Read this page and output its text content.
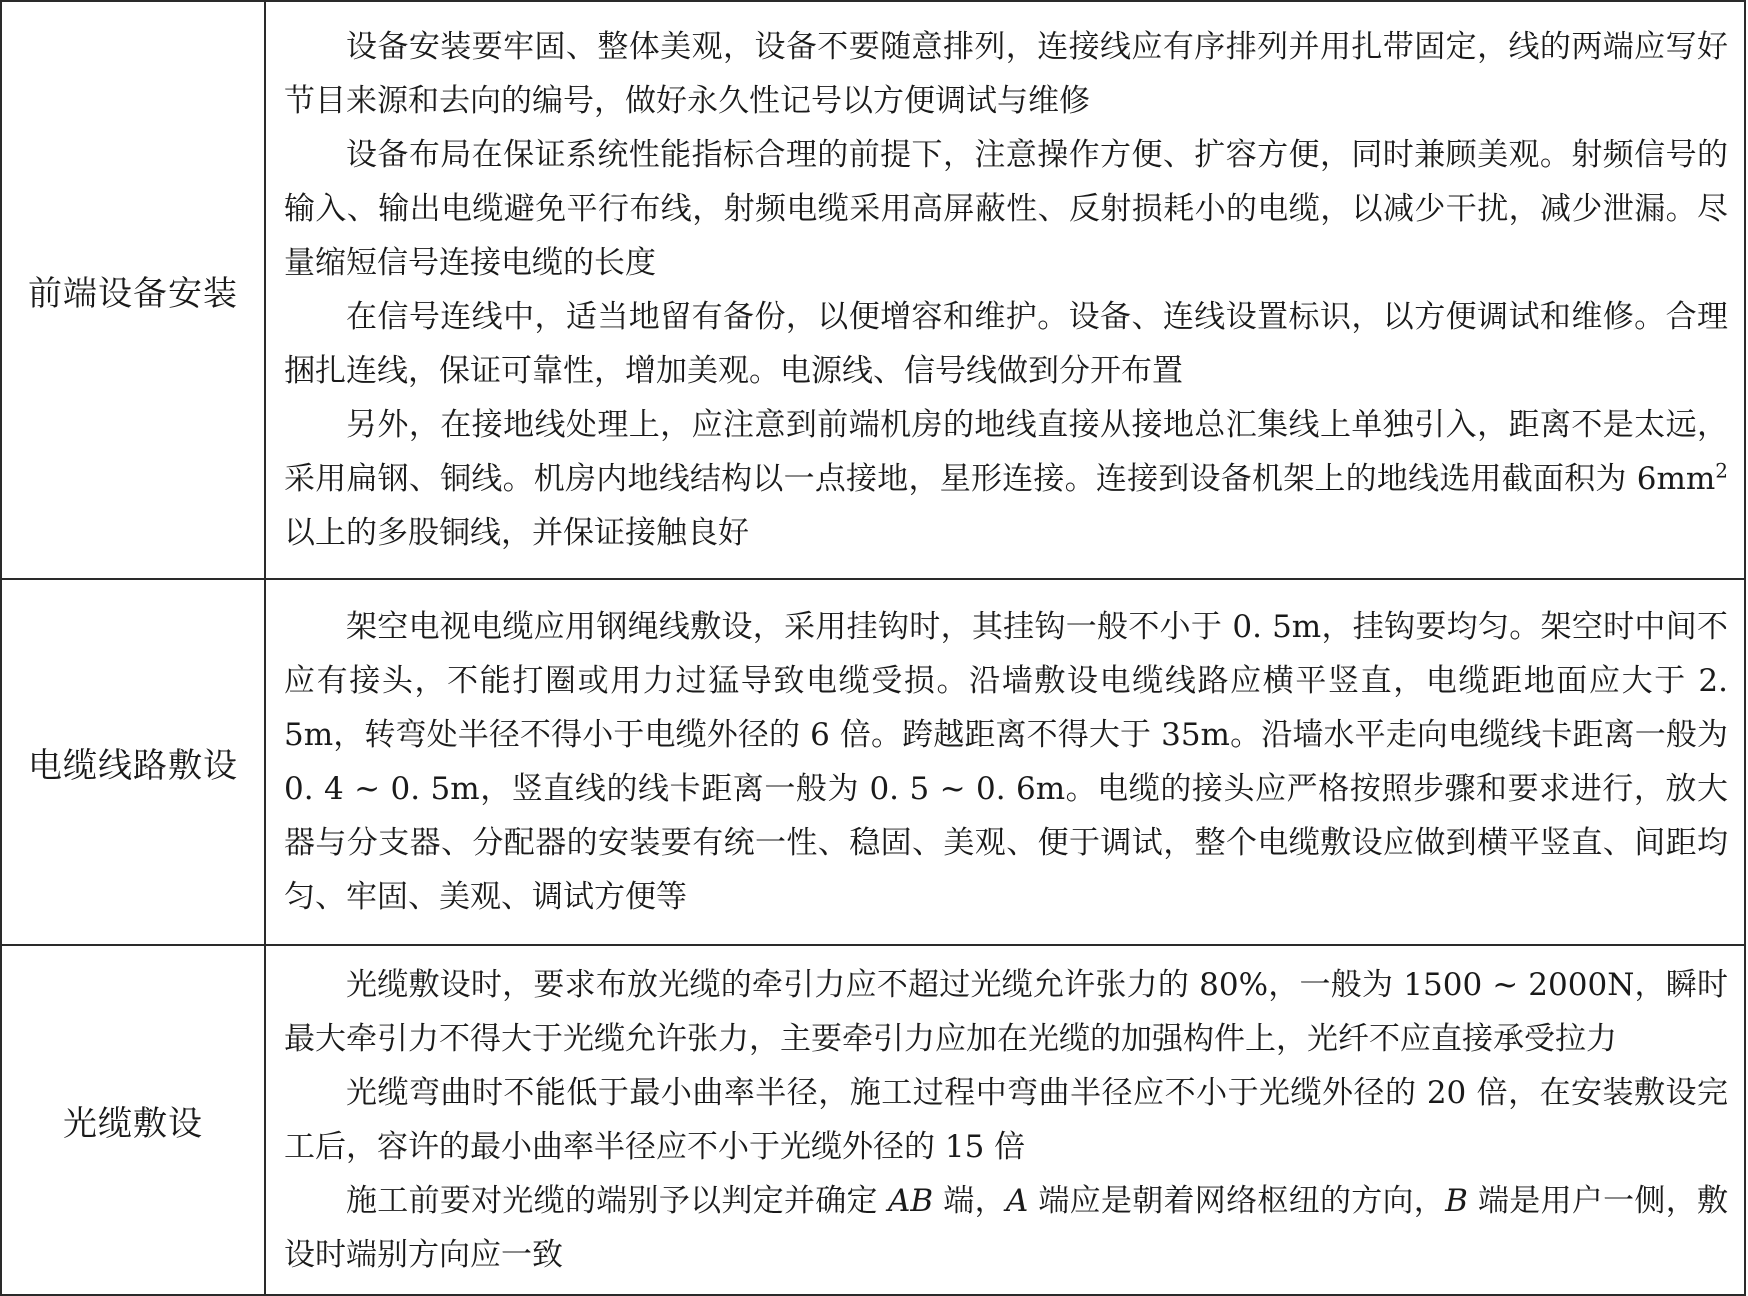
前端设备安装	设备安装要牢固、整体美观，设备不要随意排列，连接线应有序排列并用扎带固定，线的两端应写好节目来源和去向的编号，做好永久性记号以方便调试与维修

设备布局在保证系统性能指标合理的前提下，注意操作方便、扩容方便，同时兼顾美观。射频信号的输入、输出电缆避免平行布线，射频电缆采用高屏蔽性、反射损耗小的电缆，以减少干扰，减少泄漏。尽量缩短信号连接电缆的长度

在信号连线中，适当地留有备份，以便增容和维护。设备、连线设置标识，以方便调试和维修。合理捆扎连线，保证可靠性，增加美观。电源线、信号线做到分开布置

另外，在接地线处理上，应注意到前端机房的地线直接从接地总汇集线上单独引入，距离不是太远，采用扁钢、铜线。机房内地线结构以一点接地，星形连接。连接到设备机架上的地线选用截面积为 $6mm^2$ 以上的多股铜线，并保证接触良好

电缆线路敷设	架空电视电缆应用钢绳线敷设，采用挂钩时，其挂钩一般不小于 0. 5m，挂钩要均匀。架空时中间不应有接头，不能打圈或用力过猛导致电缆受损。沿墙敷设电缆线路应横平竖直，电缆距地面应大于 2. 5m，转弯处半径不得小于电缆外径的 6 倍。跨越距离不得大于 35m。沿墙水平走向电缆线卡距离一般为 0. 4 ~ 0. 5m，竖直线的线卡距离一般为 0. 5 ~ 0. 6m。电缆的接头应严格按照步骤和要求进行，放大器与分支器、分配器的安装要有统一性、稳固、美观、便于调试，整个电缆敷设应做到横平竖直、间距均匀、牢固、美观、调试方便等

光缆敷设	光缆敷设时，要求布放光缆的牵引力应不超过光缆允许张力的 80%，一般为 1500 ~ 2000N，瞬时最大牵引力不得大于光缆允许张力，主要牵引力应加在光缆的加强构件上，光纤不应直接承受拉力

光缆弯曲时不能低于最小曲率半径，施工过程中弯曲半径应不小于光缆外径的 20 倍，在安装敷设完工后，容许的最小曲率半径应不小于光缆外径的 15 倍

施工前要对光缆的端别予以判定并确定 AB 端，A 端应是朝着网络枢纽的方向，B 端是用户一侧，敷设时端别方向应一致
